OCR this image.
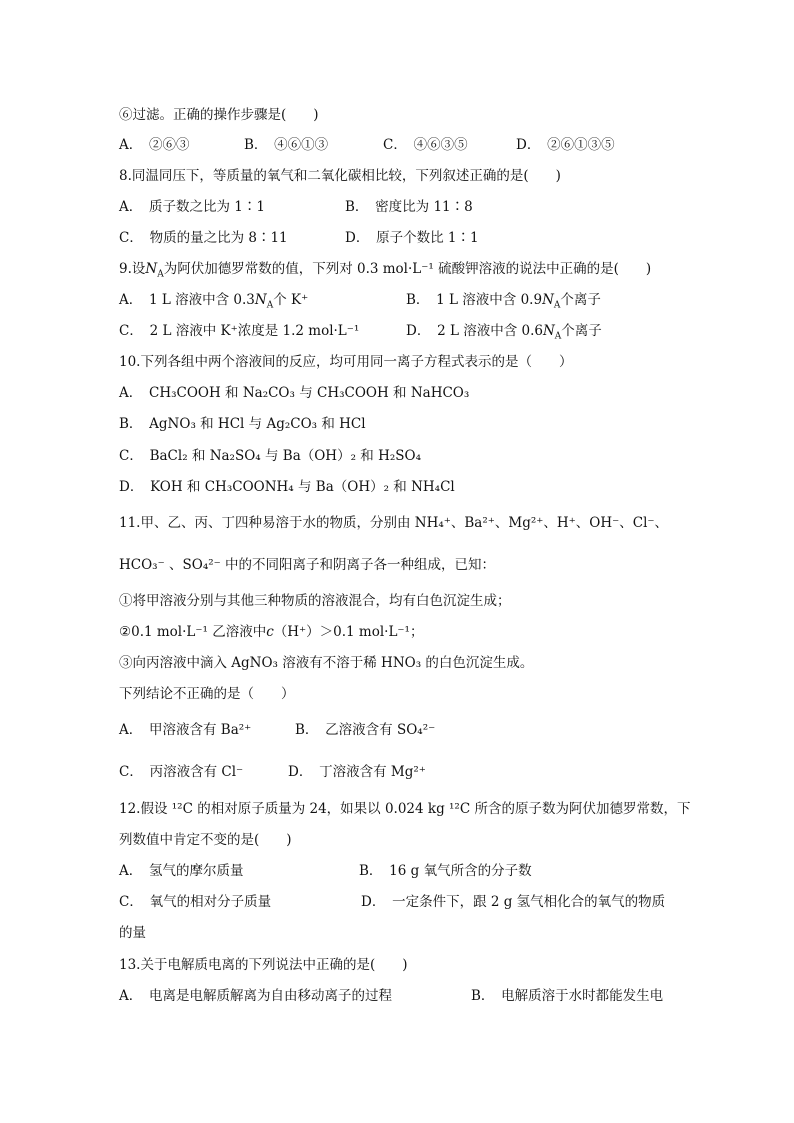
⑥过滤。正确的操作步骤是(　　)
A．　②⑥③	B．　④⑥①③	C．　④⑥③⑤	D．　②⑥①③⑤
8.同温同压下，等质量的氧气和二氧化碳相比较，下列叙述正确的是(　　)
A．　质子数之比为 1∶1	B．　密度比为 11∶8
C．　物质的量之比为 8∶11	D．　原子个数比 1∶1
9.设$N_A$为阿伏加德罗常数的值，下列对 0.3 mol·L⁻¹ 硫酸钾溶液的说法中正确的是(　　)
A．　1 L 溶液中含 $0.3N_A$个 K⁺	B．　1 L 溶液中含 $0.9N_A$个离子
C．　2 L 溶液中 K⁺浓度是 1.2 mol·L⁻¹	D．　2 L 溶液中含 $0.6N_A$个离子
10.下列各组中两个溶液间的反应，均可用同一离子方程式表示的是（　　）
A．　CH₃COOH 和 Na₂CO₃ 与 CH₃COOH 和 NaHCO₃
B．　AgNO₃ 和 HCl 与 Ag₂CO₃ 和 HCl
C．　BaCl₂ 和 Na₂SO₄ 与 Ba（OH）₂ 和 H₂SO₄
D．　KOH 和 CH₃COONH₄ 与 Ba（OH）₂ 和 NH₄Cl
11.甲、乙、丙、丁四种易溶于水的物质，分别由 NH₄⁺、Ba²⁺、Mg²⁺、H⁺、OH⁻、Cl⁻、
HCO₃⁻ 、SO₄²⁻ 中的不同阳离子和阴离子各一种组成，已知：
①将甲溶液分别与其他三种物质的溶液混合，均有白色沉淀生成；
②0.1 mol·L⁻¹ 乙溶液中c（H⁺）＞0.1 mol·L⁻¹；
③向丙溶液中滴入 AgNO₃ 溶液有不溶于稀 HNO₃ 的白色沉淀生成。
下列结论不正确的是（　　）
A．　甲溶液含有 Ba²⁺	B．　乙溶液含有 SO₄²⁻
C．　丙溶液含有 Cl⁻	D．　丁溶液含有 Mg²⁺
12.假设 ¹²C 的相对原子质量为 24，如果以 0.024 kg ¹²C 所含的原子数为阿伏加德罗常数，下
列数值中肯定不变的是(　　)
A．　氢气的摩尔质量	B．　16 g 氧气所含的分子数
C．　氧气的相对分子质量	D．　一定条件下，跟 2 g 氢气相化合的氧气的物质
的量
13.关于电解质电离的下列说法中正确的是(　　)
A．　电离是电解质解离为自由移动离子的过程	B．　电解质溶于水时都能发生电
